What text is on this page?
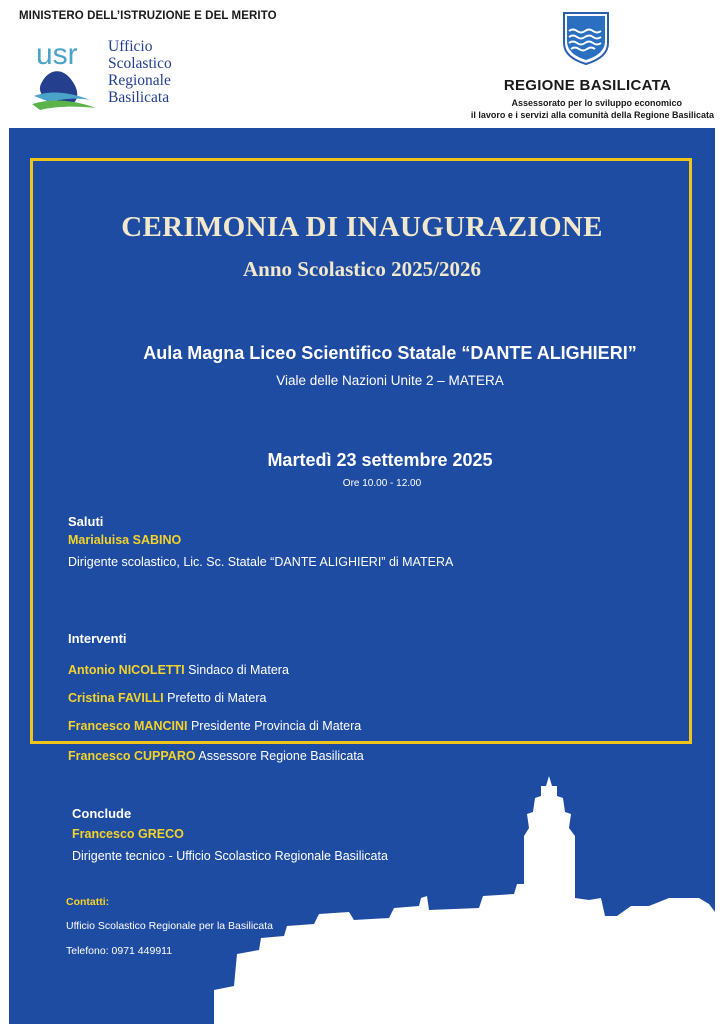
MINISTERO DELL’ISTRUZIONE E DEL MERITO
usr Ufficio
Scolastico
Regionale
Basilicata
REGIONE BASILICATA
Assessorato per lo sviluppo economico
il lavoro e i servizi alla comunità della Regione Basilicata
CERIMONIA DI INAUGURAZIONE
Anno Scolastico 2025/2026
Aula Magna Liceo Scientifico Statale “DANTE ALIGHIERI”
Viale delle Nazioni Unite 2 – MATERA
Martedì 23 settembre 2025
Ore 10.00 - 12.00
Saluti
Marialuisa SABINO
Dirigente scolastico, Lic. Sc. Statale “DANTE ALIGHIERI” di MATERA
Interventi
Antonio NICOLETTI Sindaco di Matera
Cristina FAVILLI Prefetto di Matera
Francesco MANCINI Presidente Provincia di Matera
Francesco CUPPARO Assessore Regione Basilicata
Conclude
Francesco GRECO
Dirigente tecnico - Ufficio Scolastico Regionale Basilicata
Contatti:
Ufficio Scolastico Regionale per la Basilicata
Telefono: 0971 449911
